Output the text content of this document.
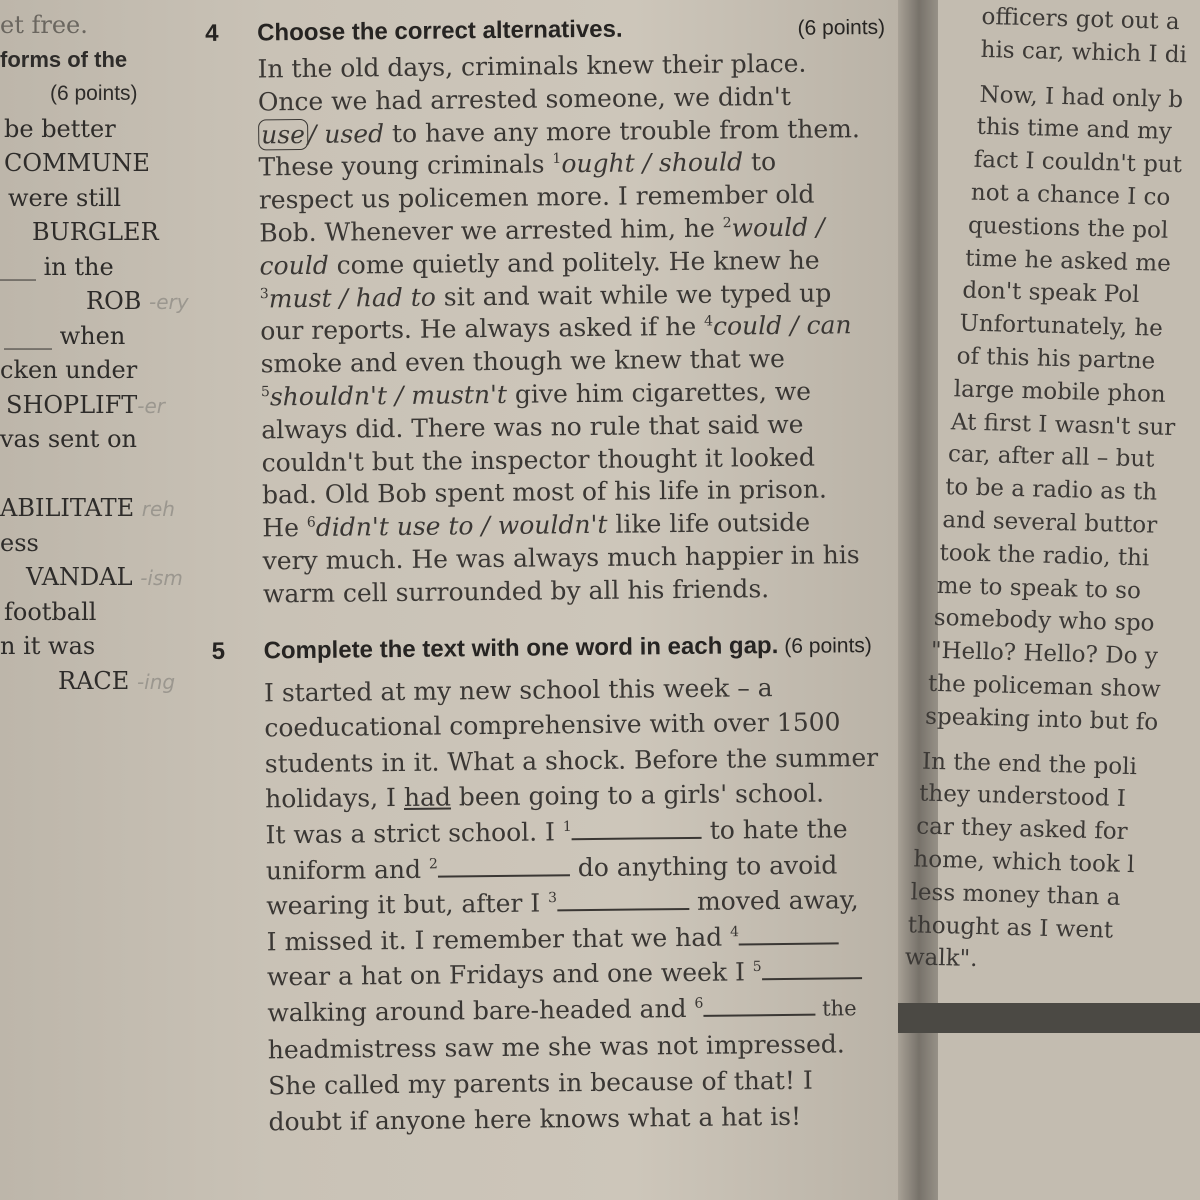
et free.

forms of the

(6 points)

be better

COMMUNE

were still

BURGLER

___ in the

ROB -ery

____ when

cken under

SHOPLIFT-er

vas sent on

ABILITATE reh

ess

VANDAL -ism

football

n it was

RACE -ing

4	Choose the correct alternatives.	(6 points)

In the old days, criminals knew their place.

Once we had arrested someone, we didn't

use / used to have any more trouble from them.

These young criminals $^1$ought / should to

respect us policemen more. I remember old

Bob. Whenever we arrested him, he $^2$would /

could come quietly and politely. He knew he

$^3$must / had to sit and wait while we typed up

our reports. He always asked if he $^4$could / can

smoke and even though we knew that we

$^5$shouldn't / mustn't give him cigarettes, we

always did. There was no rule that said we

couldn't but the inspector thought it looked

bad. Old Bob spent most of his life in prison.

He $^6$didn't use to / wouldn't like life outside

very much. He was always much happier in his

warm cell surrounded by all his friends.

5	Complete the text with one word in each gap. (6 points)

I started at my new school this week – a

coeducational comprehensive with over 1500

students in it. What a shock. Before the summer

holidays, I had been going to a girls' school.

It was a strict school. I $^1$	to hate the

uniform and $^2$	do anything to avoid

wearing it but, after I $^3$	moved away,

I missed it. I remember that we had $^4$

wear a hat on Fridays and one week I $^5$

walking around bare-headed and $^6$	the

headmistress saw me she was not impressed.

She called my parents in because of that! I

doubt if anyone here knows what a hat is!

officers got out a

his car, which I di

Now, I had only b

this time and my

fact I couldn't put

not a chance I co

questions the pol

time he asked me

don't speak Pol

Unfortunately, he

of this his partne

large mobile phon

At first I wasn't sur

car, after all – but

to be a radio as th

and several buttor

took the radio, thi

me to speak to so

somebody who spo

"Hello? Hello? Do y

the policeman show

speaking into but fo

In the end the poli

they understood I

car they asked for

home, which took l

less money than a

thought as I went

walk".
